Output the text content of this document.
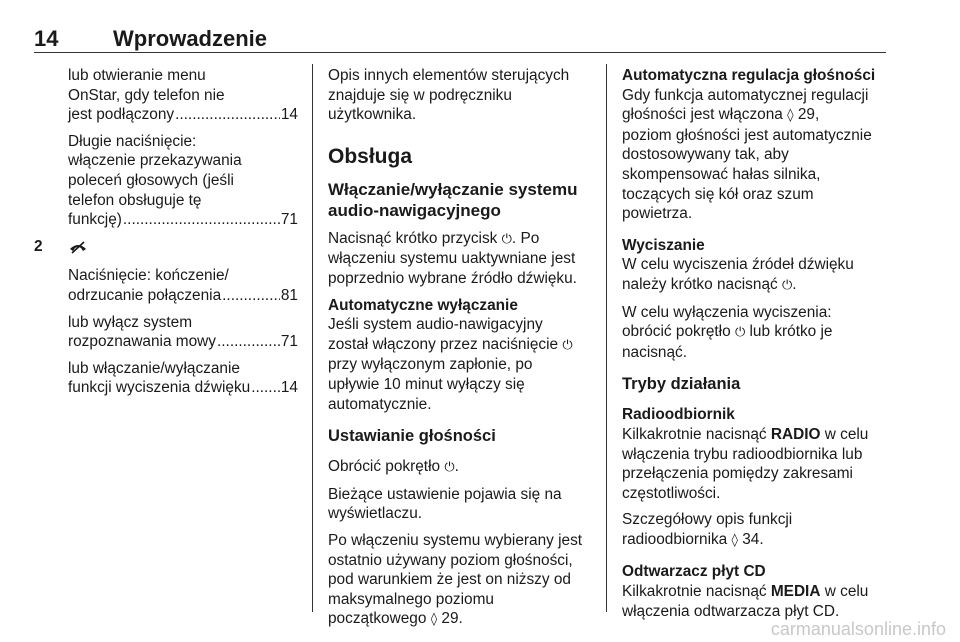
14 Wprowadzenie
lub otwieranie menu
OnStar, gdy telefon nie
jest podłączony .....	14
Długie naciśnięcie:
włączenie przekazywania
poleceń głosowych (jeśli
telefon obsługuje tę
funkcję) .....	71
2
Naciśnięcie: kończenie/
odrzucanie połączenia .....	81
lub wyłącz system
rozpoznawania mowy .....	71
lub włączanie/wyłączanie
funkcji wyciszenia dźwięku ..... 14

Opis innych elementów sterujących
znajduje się w podręczniku
użytkownika.

Obsługa
Włączanie/wyłączanie systemu
audio-nawigacyjnego

Nacisnąć krótko przycisk ⏻. Po
włączeniu systemu uaktywniane jest
poprzednio wybrane źródło dźwięku.

Automatyczne wyłączanie

Jeśli system audio-nawigacyjny
został włączony przez naciśnięcie ⏻
przy wyłączonym zapłonie, po
upływie 10 minut wyłączy się
automatycznie.

Ustawianie głośności

Obrócić pokrętło ⏻.

Bieżące ustawienie pojawia się na
wyświetlaczu.

Po włączeniu systemu wybierany jest
ostatnio używany poziom głośności,
pod warunkiem że jest on niższy od
maksymalnego poziomu
początkowego ◊ 29.

Automatyczna regulacja głośności

Gdy funkcja automatycznej regulacji
głośności jest włączona ◊ 29,
poziom głośności jest automatycznie
dostosowywany tak, aby
skompensować hałas silnika,
toczących się kół oraz szum
powietrza.

Wyciszanie

W celu wyciszenia źródeł dźwięku
należy krótko nacisnąć ⏻.

W celu wyłączenia wyciszenia:
obrócić pokrętło ⏻ lub krótko je
nacisnąć.

Tryby działania
Radioodbiornik

Kilkakrotnie nacisnąć RADIO w celu
włączenia trybu radioodbiornika lub
przełączenia pomiędzy zakresami
częstotliwości.

Szczegółowy opis funkcji
radioodbiornika ◊ 34.

Odtwarzacz płyt CD

Kilkakrotnie nacisnąć MEDIA w celu
włączenia odtwarzacza płyt CD.

carmanualsonline.info
